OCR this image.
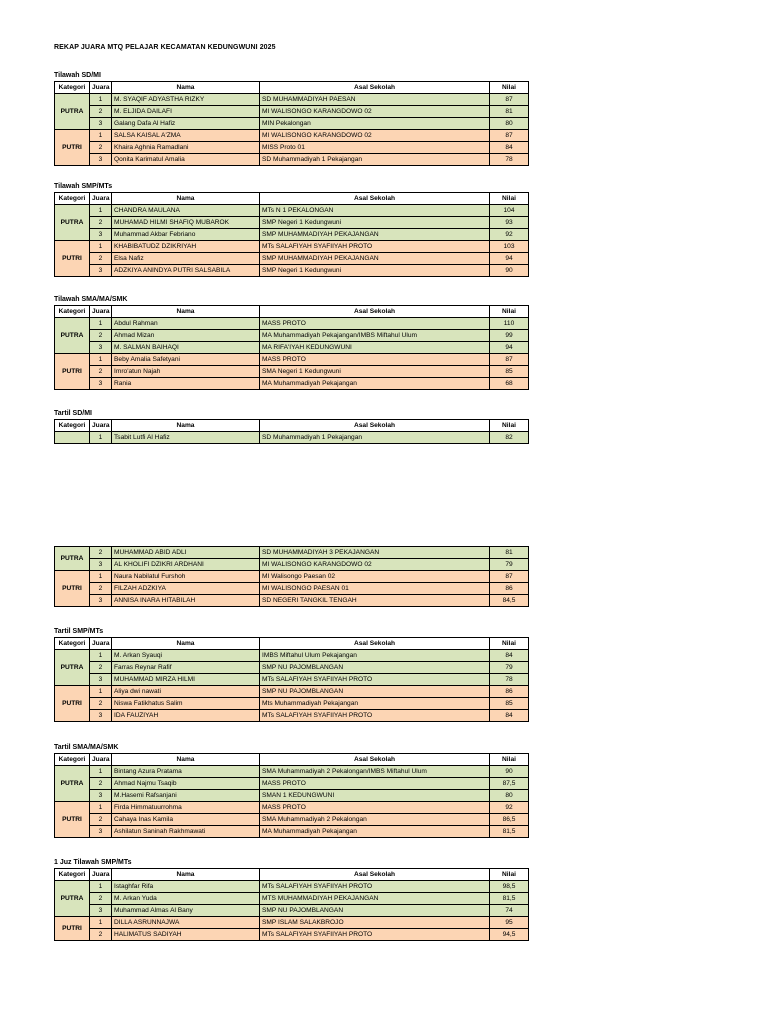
REKAP JUARA MTQ PELAJAR KECAMATAN KEDUNGWUNI 2025
Tilawah SD/MI
Kategori	Juara	Nama	Asal Sekolah	Nilai
PUTRA	1	M. SYAQIF ADYASTHA RIZKY	SD MUHAMMADIYAH PAESAN	87
	2	M. ELJIDA DAILAFI	MI WALISONGO KARANGDOWO 02	81
	3	Galang Dafa Al Hafiz	MIN Pekalongan	80
PUTRI	1	SALSA KAISAL A'ZMA	MI WALISONGO KARANGDOWO 02	87
	2	Khaira Aghnia Ramadlani	MISS Proto 01	84
	3	Qonita Karimatul Amalia	SD Muhammadiyah 1 Pekajangan	78
Tilawah SMP/MTs
Kategori	Juara	Nama	Asal Sekolah	Nilai
PUTRA	1	CHANDRA MAULANA	MTs N 1 PEKALONGAN	104
	2	MUHAMAD HILMI SHAFIQ MUBAROK	SMP Negeri 1 Kedungwuni	93
	3	Muhammad Akbar Febriano	SMP MUHAMMADIYAH PEKAJANGAN	92
PUTRI	1	KHABIBATUDZ DZIKRIYAH	MTs SALAFIYAH SYAFIIYAH PROTO	103
	2	Elsa Nafiz	SMP MUHAMMADIYAH PEKAJANGAN	94
	3	ADZKIYA ANINDYA PUTRI SALSABILA	SMP Negeri 1 Kedungwuni	90
Tilawah SMA/MA/SMK
Kategori	Juara	Nama	Asal Sekolah	Nilai
PUTRA	1	Abdul Rahman	MASS PROTO	110
	2	Ahmad Mizan	MA Muhammadiyah Pekajangan/IMBS Miftahul Ulum	99
	3	M. SALMAN BAIHAQI	MA RIFA'IYAH KEDUNGWUNI	94
PUTRI	1	Beby Amalia Safetyani	MASS PROTO	87
	2	Imro'atun Najah	SMA Negeri 1 Kedungwuni	85
	3	Rania	MA Muhammadiyah Pekajangan	68
Tartil SD/MI
Kategori	Juara	Nama	Asal Sekolah	Nilai
	1	Tsabit Lutfi Al Hafiz	SD Muhammadiyah 1 Pekajangan	82
PUTRA	2	MUHAMMAD ABID ADLI	SD MUHAMMADIYAH 3 PEKAJANGAN	81
	3	AL KHOLIFI DZIKRI ARDHANI	MI WALISONGO KARANGDOWO 02	79
PUTRI	1	Naura Nabilatul Furshoh	MI Walisongo Paesan 02	87
	2	FILZAH ADZKIYA	MI WALISONGO PAESAN 01	86
	3	ANNISA INARA HITABILAH	SD NEGERI TANGKIL TENGAH	84,5
Tartil SMP/MTs
Kategori	Juara	Nama	Asal Sekolah	Nilai
PUTRA	1	M. Arkan Syauqi	IMBS Miftahul Ulum Pekajangan	84
	2	Farras Reynar Rafif	SMP NU PAJOMBLANGAN	79
	3	MUHAMMAD MIRZA HILMI	MTs SALAFIYAH SYAFIIYAH PROTO	78
PUTRI	1	Aliya dwi nawati	SMP NU PAJOMBLANGAN	86
	2	Niswa Fatikhatus Salim	Mts Muhammadiyah Pekajangan	85
	3	IDA FAUZIYAH	MTs SALAFIYAH SYAFIIYAH PROTO	84
Tartil SMA/MA/SMK
Kategori	Juara	Nama	Asal Sekolah	Nilai
PUTRA	1	Bintang Azura Pratama	SMA Muhammadiyah 2 Pekalongan/IMBS Miftahul Ulum	90
	2	Ahmad Najmu Tsaqib	MASS PROTO	87,5
	3	M.Hasemi Rafsanjani	SMAN 1 KEDUNGWUNI	80
PUTRI	1	Firda Himmatuurrohma	MASS PROTO	92
	2	Cahaya Inas Kamila	SMA Muhammadiyah 2 Pekalongan	86,5
	3	Ashilatun Saninah Rakhmawati	MA Muhammadiyah Pekajangan	81,5
1 Juz Tilawah SMP/MTs
Kategori	Juara	Nama	Asal Sekolah	Nilai
PUTRA	1	Istaghfar Rifa	MTs SALAFIYAH SYAFIIYAH PROTO	98,5
	2	M. Arkan Yuda	MTS MUHAMMADIYAH PEKAJANGAN	81,5
	3	Muhammad Almas Al Bany	SMP NU PAJOMBLANGAN	74
PUTRI	1	DILLA ASRUNNAJWA	SMP ISLAM SALAKBROJO	95
	2	HALIMATUS SADIYAH	MTs SALAFIYAH SYAFIIYAH PROTO	94,5
